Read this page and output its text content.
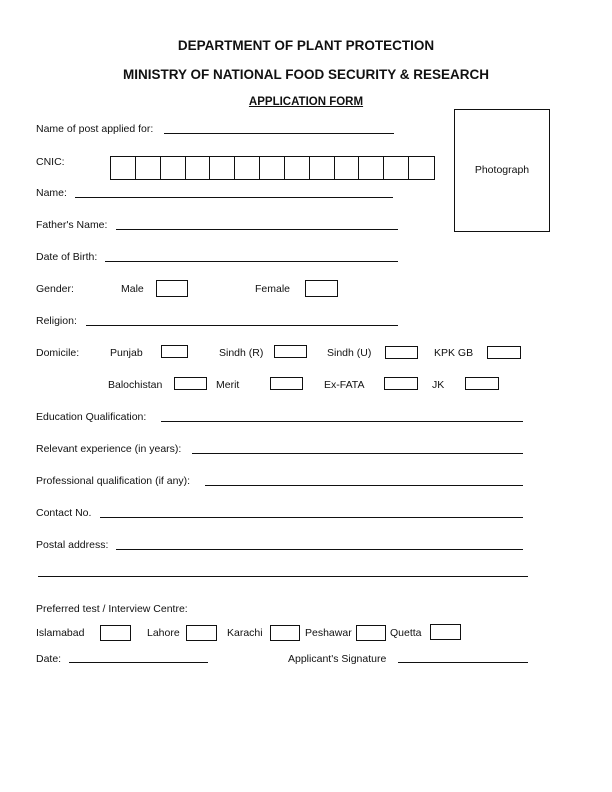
DEPARTMENT OF PLANT PROTECTION
MINISTRY OF NATIONAL FOOD SECURITY & RESEARCH
APPLICATION FORM
Photograph
Name of post applied for:
CNIC:
Name:
Father's Name:
Date of Birth:
Gender:	Male	Female
Religion:
Domicile:	Punjab	Sindh (R)	Sindh (U)	KPK GB
Balochistan	Merit	Ex-FATA	JK
Education Qualification:
Relevant experience (in years):
Professional qualification (if any):
Contact No.
Postal address:
Preferred test / Interview Centre:
Islamabad	Lahore	Karachi	Peshawar	Quetta
Date:	Applicant's Signature
